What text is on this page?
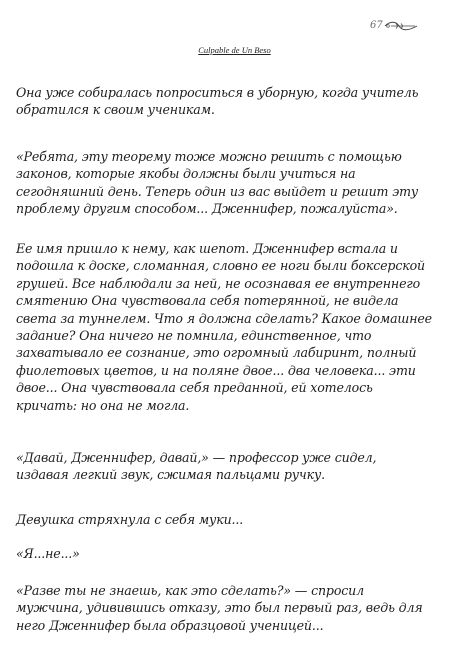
67
Culpable de Un Beso

Она уже собиралась попроситься в уборную, когда учитель
обратился к своим ученикам.

«Ребята, эту теорему тоже можно решить с помощью
законов, которые якобы должны были учиться на
сегодняшний день. Теперь один из вас выйдет и решит эту
проблему другим способом... Дженнифер, пожалуйста».

Ее имя пришло к нему, как шепот. Дженнифер встала и
подошла к доске, сломанная, словно ее ноги были боксерской
грушей. Все наблюдали за ней, не осознавая ее внутреннего
смятению Она чувствовала себя потерянной, не видела
света за туннелем. Что я должна сделать? Какое домашнее
задание? Она ничего не помнила, единственное, что
захватывало ее сознание, это огромный лабиринт, полный
фиолетовых цветов, и на поляне двое... два человека... эти
двое... Она чувствовала себя преданной, ей хотелось
кричать: но она не могла.

«Давай, Дженнифер, давай,» — профессор уже сидел,
издавая легкий звук, сжимая пальцами ручку.

Девушка стряхнула с себя муки...

«Я...не...»

«Разве ты не знаешь, как это сделать?» — спросил
мужчина, удивившись отказу, это был первый раз, ведь для
него Дженнифер была образцовой ученицей...
